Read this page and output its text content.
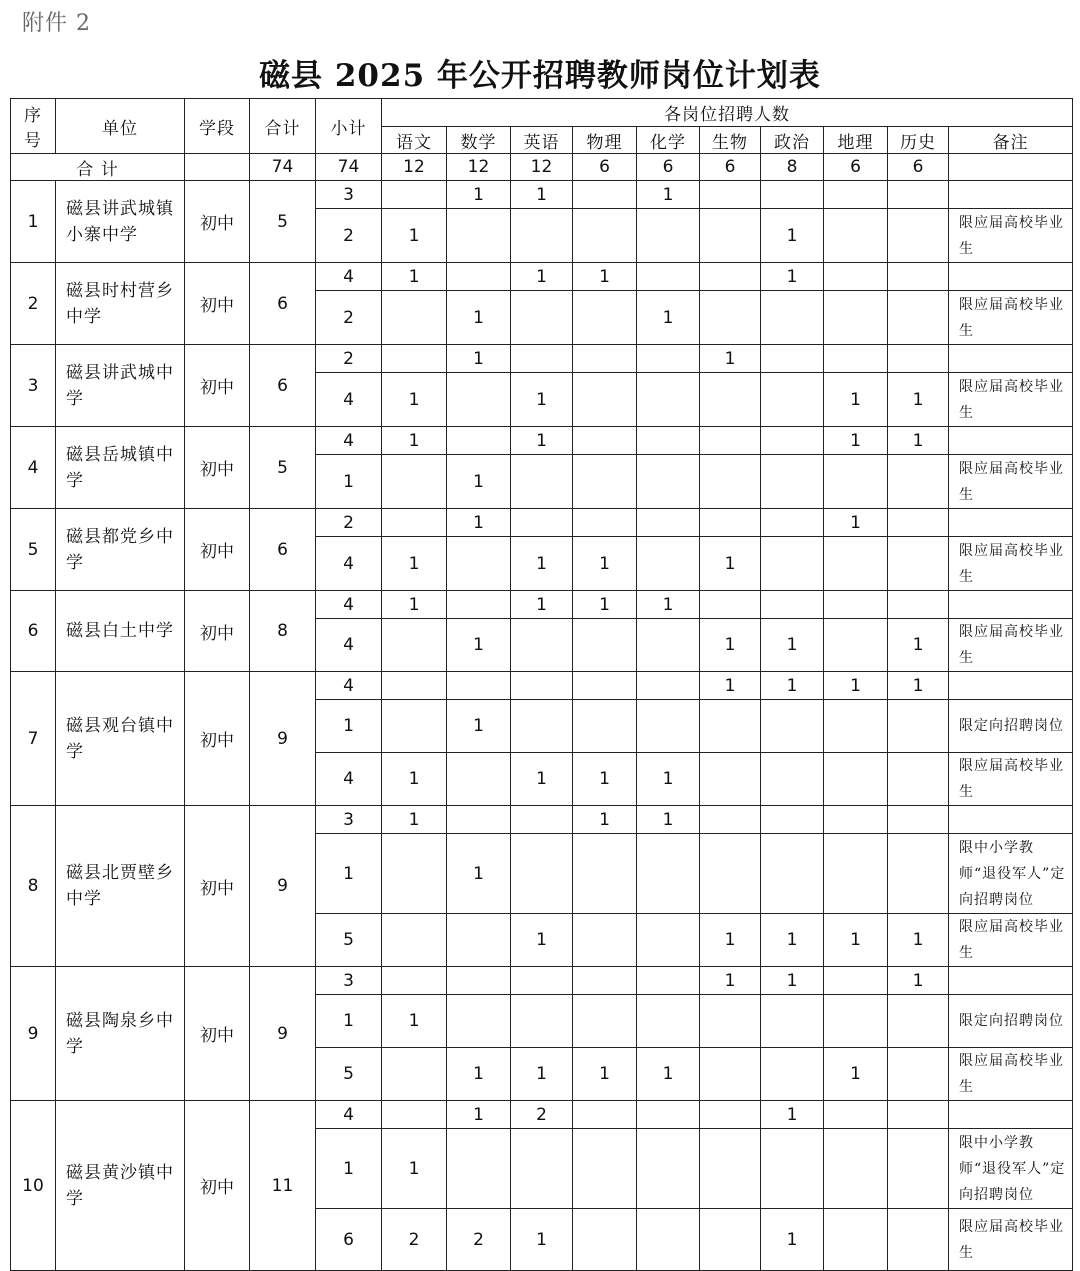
附件 2
磁县 2025 年公开招聘教师岗位计划表
序
号	单位	学段	合计	小计	各岗位招聘人数									
					语文	数学	英语	物理	化学	生物	政治	地理	历史	备注
合 计			74	74	12	12	12	6	6	6	8	6	6	
1	磁县讲武城镇小寨中学	初中	5	3		1	1		1					
				2	1						1			限应届高校毕业生
2	磁县时村营乡中学	初中	6	4	1		1	1			1			
				2		1			1					限应届高校毕业生
3	磁县讲武城中学	初中	6	2		1				1				
				4	1		1					1	1	限应届高校毕业生
4	磁县岳城镇中学	初中	5	4	1		1					1	1	
				1		1								限应届高校毕业生
5	磁县都党乡中学	初中	6	2		1						1		
				4	1		1	1		1				限应届高校毕业生
6	磁县白土中学	初中	8	4	1		1	1	1					
				4		1				1	1		1	限应届高校毕业生
7	磁县观台镇中学	初中	9	4						1	1	1	1	
				1		1								限定向招聘岗位
				4	1		1	1	1					限应届高校毕业生
8	磁县北贾壁乡中学	初中	9	3	1			1	1					
				1		1								限中小学教师“退役军人”定向招聘岗位
				5			1			1	1	1	1	限应届高校毕业生
9	磁县陶泉乡中学	初中	9	3						1	1		1	
				1	1									限定向招聘岗位
				5		1	1	1	1			1		限应届高校毕业生
10	磁县黄沙镇中学	初中	11	4		1	2				1			
				1	1									限中小学教师“退役军人”定向招聘岗位
				6	2	2	1				1			限应届高校毕业生
